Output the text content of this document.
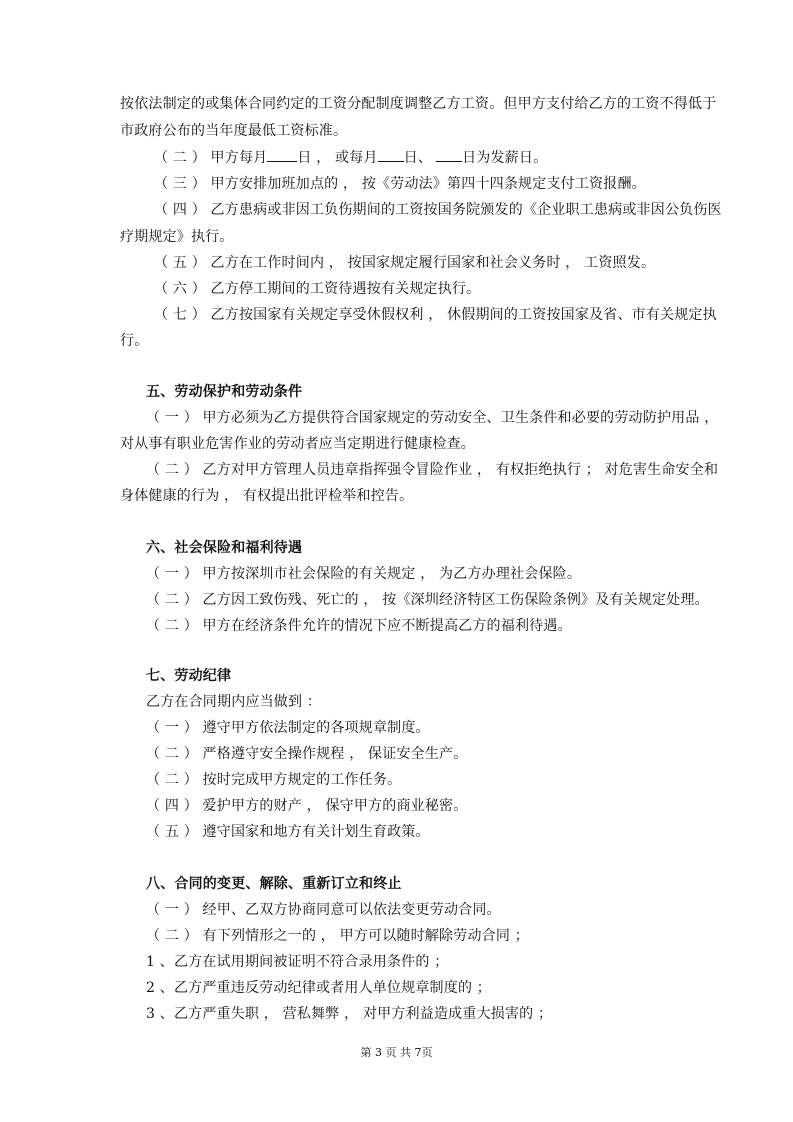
按依法制定的或集体合同约定的工资分配制度调整乙方工资。但甲方支付给乙方的工资不得低于
市政府公布的当年度最低工资标准。
（ 二 ） 甲方每月 日 ， 或每月 日、 日为发薪日。
（ 三 ） 甲方安排加班加点的 ， 按《劳动法》第四十四条规定支付工资报酬。
（ 四 ） 乙方患病或非因工负伤期间的工资按国务院颁发的《企业职工患病或非因公负伤医
疗期规定》执行。
（ 五 ） 乙方在工作时间内 ， 按国家规定履行国家和社会义务时 ， 工资照发。
（ 六 ） 乙方停工期间的工资待遇按有关规定执行。
（ 七 ） 乙方按国家有关规定享受休假权利 ， 休假期间的工资按国家及省、市有关规定执
行。
五、劳动保护和劳动条件
（ 一 ） 甲方必须为乙方提供符合国家规定的劳动安全、卫生条件和必要的劳动防护用品 ，
对从事有职业危害作业的劳动者应当定期进行健康检查。
（ 二 ） 乙方对甲方管理人员违章指挥强令冒险作业 ， 有权拒绝执行 ； 对危害生命安全和
身体健康的行为 ， 有权提出批评检举和控告。
六、社会保险和福利待遇
（ 一 ） 甲方按深圳市社会保险的有关规定 ， 为乙方办理社会保险。
（ 二 ） 乙方因工致伤残、死亡的 ， 按《深圳经济特区工伤保险条例》及有关规定处理。
（ 二 ） 甲方在经济条件允许的情况下应不断提高乙方的福利待遇。
七、劳动纪律
乙方在合同期内应当做到 ：
（ 一 ） 遵守甲方依法制定的各项规章制度。
（ 二 ） 严格遵守安全操作规程 ， 保证安全生产。
（ 二 ） 按时完成甲方规定的工作任务。
（ 四 ） 爱护甲方的财产 ， 保守甲方的商业秘密。
（ 五 ） 遵守国家和地方有关计划生育政策。
八、合同的变更、解除、重新订立和终止
（ 一 ） 经甲、乙双方协商同意可以依法变更劳动合同。
（ 二 ） 有下列情形之一的 ， 甲方可以随时解除劳动合同 ；
1 、乙方在试用期间被证明不符合录用条件的 ；
2 、乙方严重违反劳动纪律或者用人单位规章制度的 ；
3 、乙方严重失职 ， 营私舞弊 ， 对甲方利益造成重大损害的 ；
第 3 页 共 7页
